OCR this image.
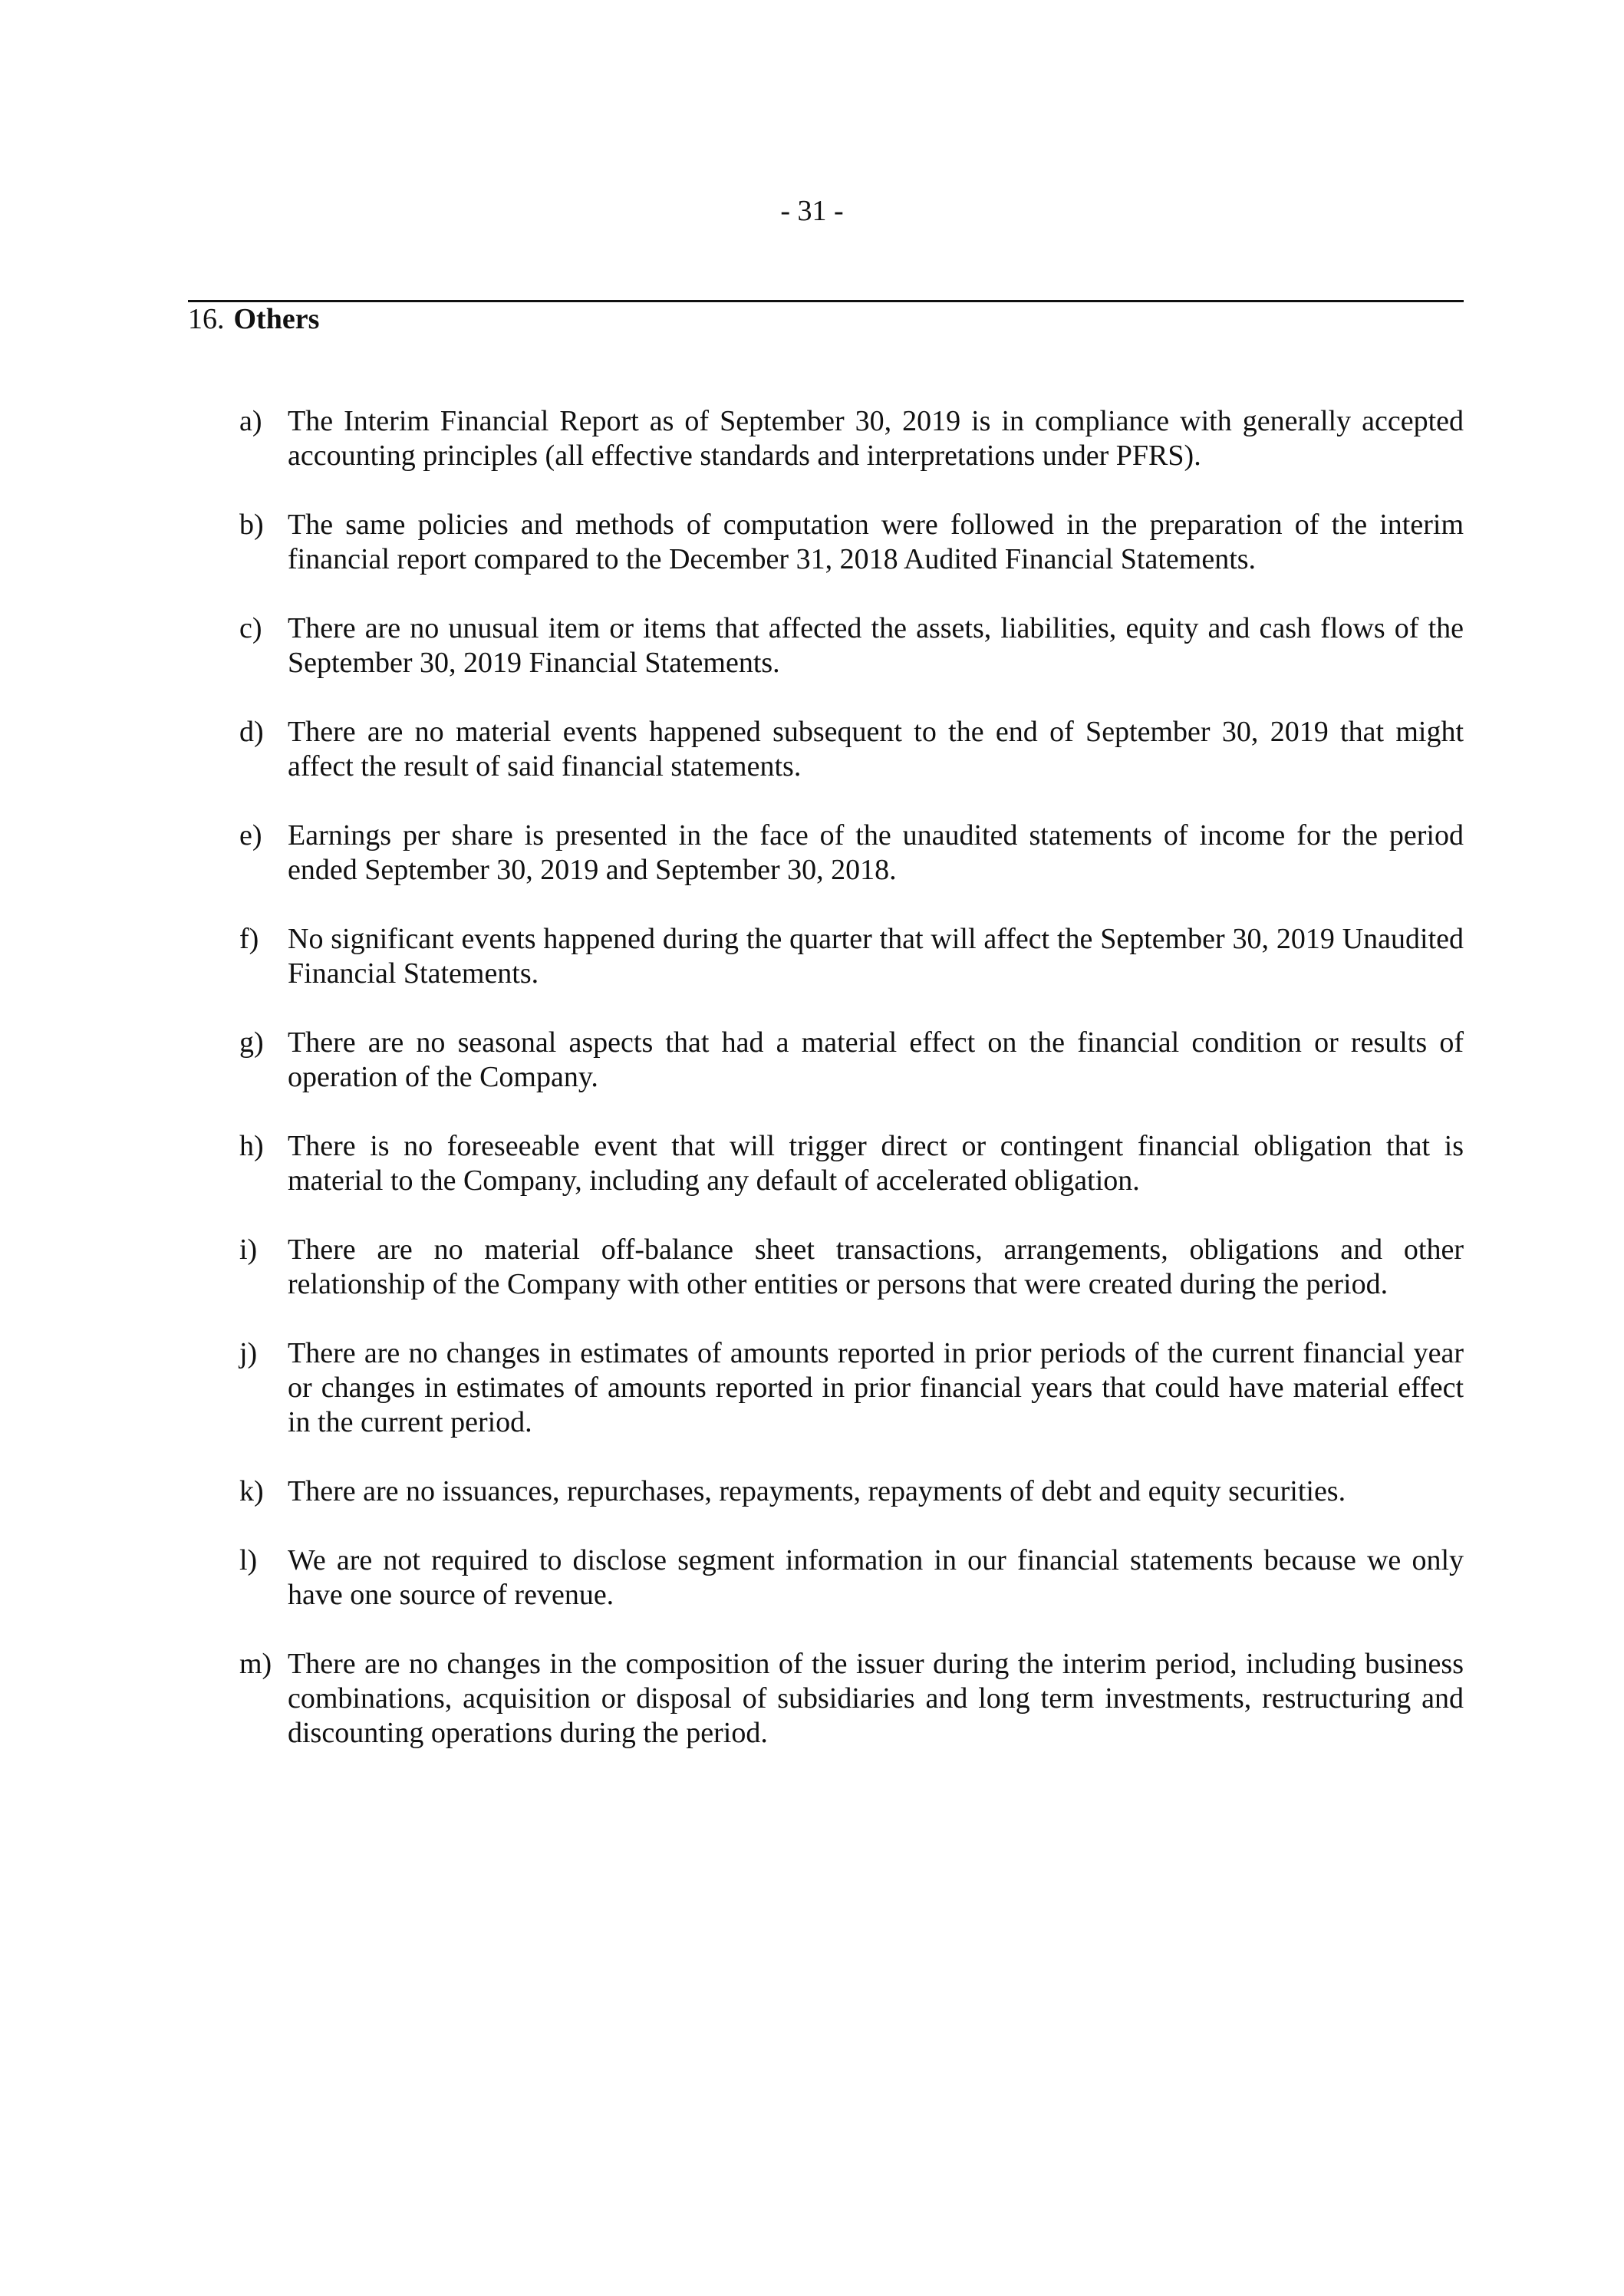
- 31 -
16. Others
a) The Interim Financial Report as of September 30, 2019 is in compliance with generally accepted accounting principles (all effective standards and interpretations under PFRS).
b) The same policies and methods of computation were followed in the preparation of the interim financial report compared to the December 31, 2018 Audited Financial Statements.
c) There are no unusual item or items that affected the assets, liabilities, equity and cash flows of the September 30, 2019 Financial Statements.
d) There are no material events happened subsequent to the end of September 30, 2019 that might affect the result of said financial statements.
e) Earnings per share is presented in the face of the unaudited statements of income for the period ended September 30, 2019 and September 30, 2018.
f) No significant events happened during the quarter that will affect the September 30, 2019 Unaudited Financial Statements.
g) There are no seasonal aspects that had a material effect on the financial condition or results of operation of the Company.
h) There is no foreseeable event that will trigger direct or contingent financial obligation that is material to the Company, including any default of accelerated obligation.
i) There are no material off-balance sheet transactions, arrangements, obligations and other relationship of the Company with other entities or persons that were created during the period.
j) There are no changes in estimates of amounts reported in prior periods of the current financial year or changes in estimates of amounts reported in prior financial years that could have material effect in the current period.
k) There are no issuances, repurchases, repayments, repayments of debt and equity securities.
l) We are not required to disclose segment information in our financial statements because we only have one source of revenue.
m) There are no changes in the composition of the issuer during the interim period, including business combinations, acquisition or disposal of subsidiaries and long term investments, restructuring and discounting operations during the period.
